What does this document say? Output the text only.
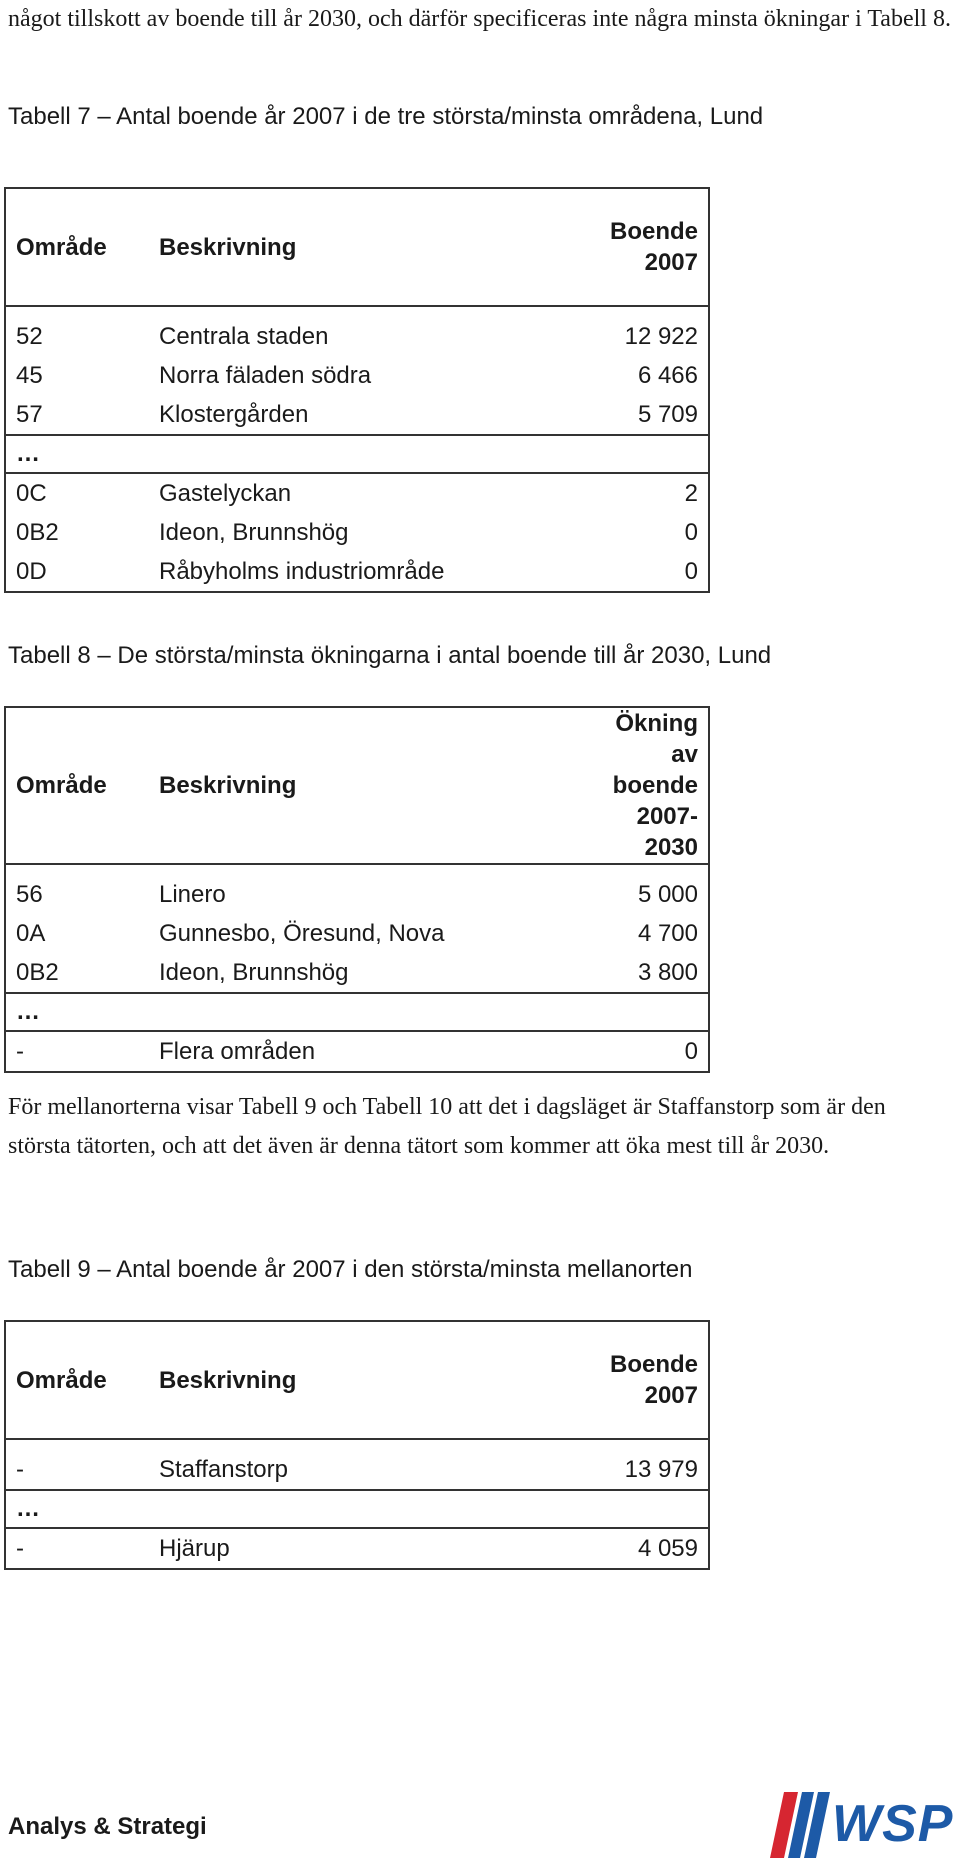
något tillskott av boende till år 2030, och därför specificeras inte några minsta ökningar i Tabell 8.

Tabell 7 – Antal boende år 2007 i de tre största/minsta områdena, Lund

Område	Beskrivning	Boende
2007

52	Centrala staden	12 922
45	Norra fäladen södra	6 466
57	Klostergården	5 709
…		
0C	Gastelyckan	2
0B2	Ideon, Brunnshög	0
0D	Råbyholms industriområde	0

Tabell 8 – De största/minsta ökningarna i antal boende till år 2030, Lund

Område	Beskrivning	Ökning av
boende
2007-2030

56	Linero	5 000
0A	Gunnesbo, Öresund, Nova	4 700
0B2	Ideon, Brunnshög	3 800
…		
-	Flera områden	0

För mellanorterna visar Tabell 9 och Tabell 10 att det i dagsläget är Staffanstorp som är den största tätorten, och att det även är denna tätort som kommer att öka mest till år 2030.

Tabell 9 – Antal boende år 2007 i den största/minsta mellanorten

Område	Beskrivning	Boende
2007

-	Staffanstorp	13 979
…		
-	Hjärup	4 059
Analys & Strategi	WSP
